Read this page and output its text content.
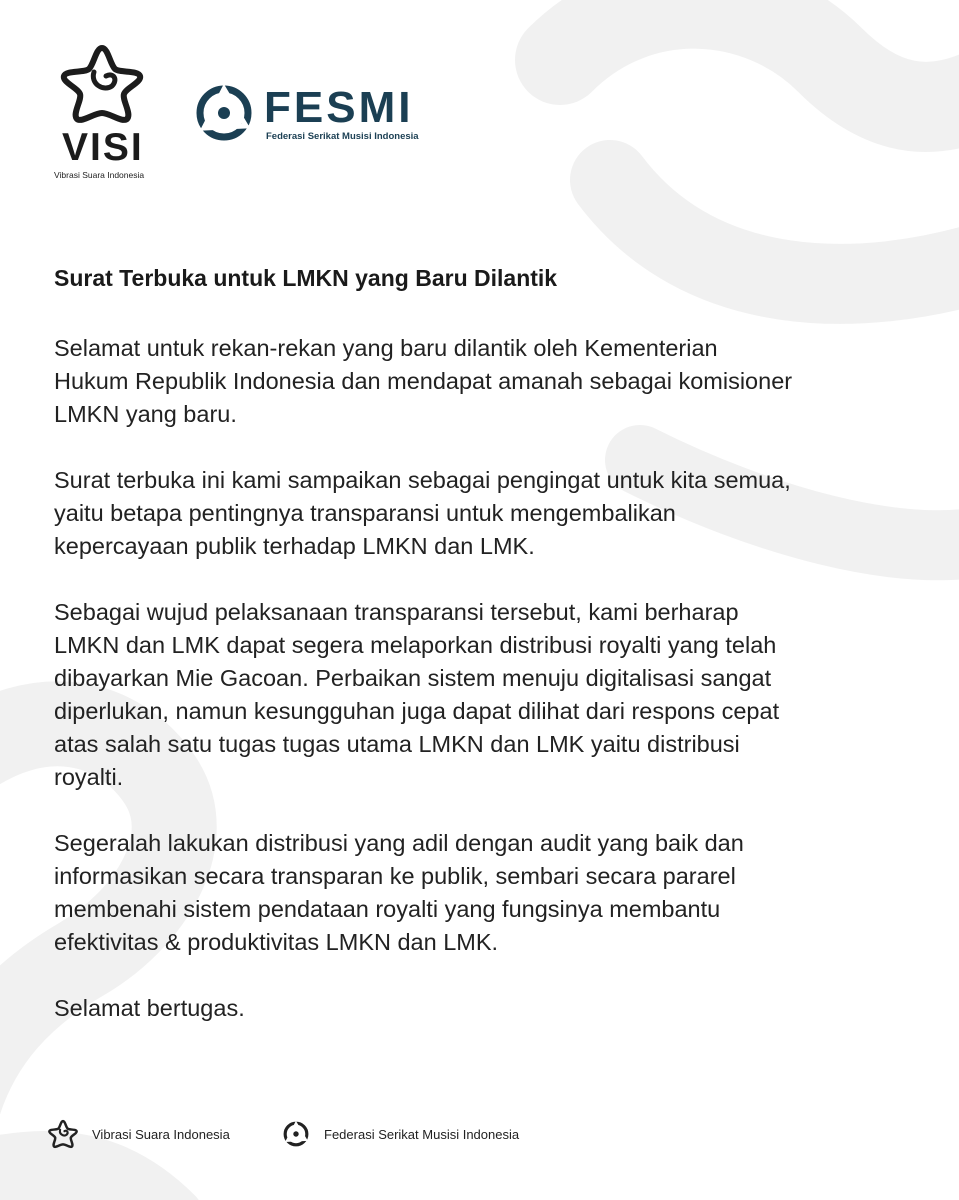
VISI
Vibrasi Suara Indonesia
FESMI
Federasi Serikat Musisi Indonesia
Surat Terbuka untuk LMKN yang Baru Dilantik

Selamat untuk rekan-rekan yang baru dilantik oleh Kementerian Hukum Republik Indonesia dan mendapat amanah sebagai komisioner LMKN yang baru.

Surat terbuka ini kami sampaikan sebagai pengingat untuk kita semua, yaitu betapa pentingnya transparansi untuk mengembalikan kepercayaan publik terhadap LMKN dan LMK.

Sebagai wujud pelaksanaan transparansi tersebut, kami berharap LMKN dan LMK dapat segera melaporkan distribusi royalti yang telah dibayarkan Mie Gacoan. Perbaikan sistem menuju digitalisasi sangat diperlukan, namun kesungguhan juga dapat dilihat dari respons cepat atas salah satu tugas tugas utama LMKN dan LMK yaitu distribusi royalti.

Segeralah lakukan distribusi yang adil dengan audit yang baik dan informasikan secara transparan ke publik, sembari secara pararel membenahi sistem pendataan royalti yang fungsinya membantu efektivitas & produktivitas LMKN dan LMK.

Selamat bertugas.

Vibrasi Suara Indonesia	Federasi Serikat Musisi Indonesia
